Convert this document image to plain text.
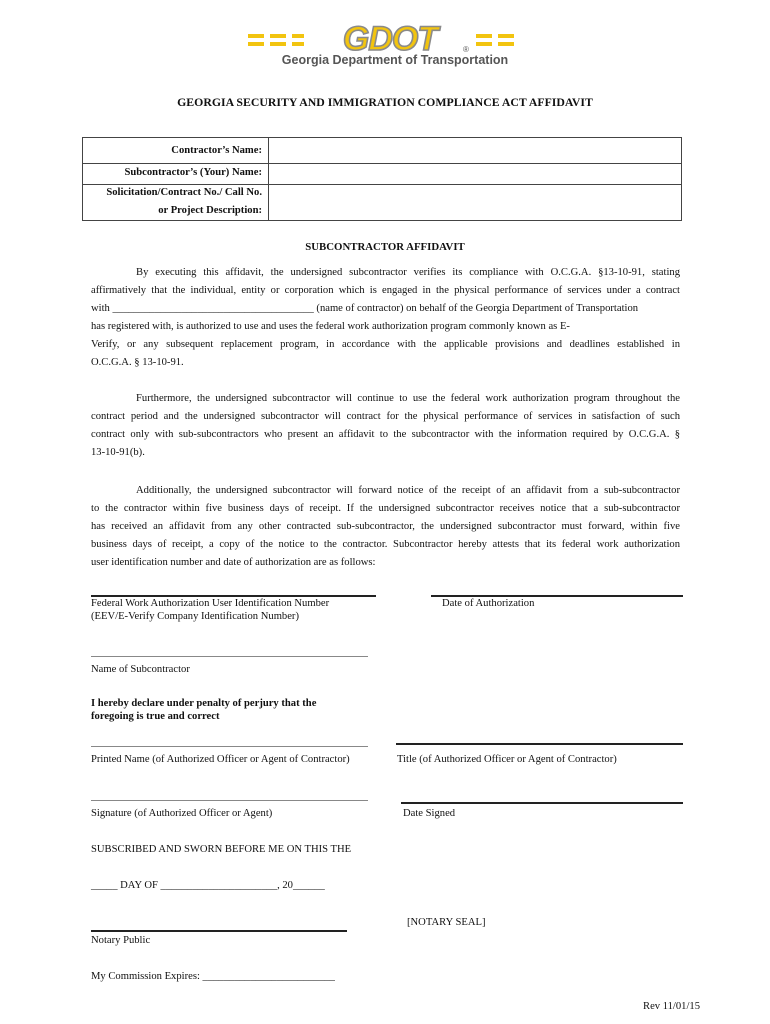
GDOT	®
Georgia Department of Transportation
GEORGIA SECURITY AND IMMIGRATION COMPLIANCE ACT AFFIDAVIT
Contractor’s Name:
Subcontractor’s (Your) Name:
Solicitation/Contract No./ Call No.
or Project Description:
SUBCONTRACTOR AFFIDAVIT
By executing this affidavit, the undersigned subcontractor verifies its compliance with O.C.G.A. §13-10-91, stating
affirmatively that the individual, entity or corporation which is engaged in the physical performance of services under a contract
with ______________________________________ (name of contractor) on behalf of the Georgia Department of Transportation
has registered with, is authorized to use and uses the federal work authorization program commonly known as E-
Verify, or any subsequent replacement program, in accordance with the applicable provisions and deadlines established in
O.C.G.A. § 13-10-91.
Furthermore, the undersigned subcontractor will continue to use the federal work authorization program throughout the
contract period and the undersigned subcontractor will contract for the physical performance of services in satisfaction of such
contract only with sub-subcontractors who present an affidavit to the subcontractor with the information required by O.C.G.A. §
13-10-91(b).
Additionally, the undersigned subcontractor will forward notice of the receipt of an affidavit from a sub-subcontractor
to the contractor within five business days of receipt. If the undersigned subcontractor receives notice that a sub-subcontractor
has received an affidavit from any other contracted sub-subcontractor, the undersigned subcontractor must forward, within five
business days of receipt, a copy of the notice to the contractor. Subcontractor hereby attests that its federal work authorization
user identification number and date of authorization are as follows:
Federal Work Authorization User Identification Number
(EEV/E-Verify Company Identification Number)
Date of Authorization
Name of Subcontractor
I hereby declare under penalty of perjury that the
foregoing is true and correct
Printed Name (of Authorized Officer or Agent of Contractor)	Title (of Authorized Officer or Agent of Contractor)
Signature (of Authorized Officer or Agent)	Date Signed
SUBSCRIBED AND SWORN BEFORE ME ON THIS THE
_____ DAY OF ______________________, 20______
[NOTARY SEAL]
Notary Public
My Commission Expires: _________________________
Rev 11/01/15
